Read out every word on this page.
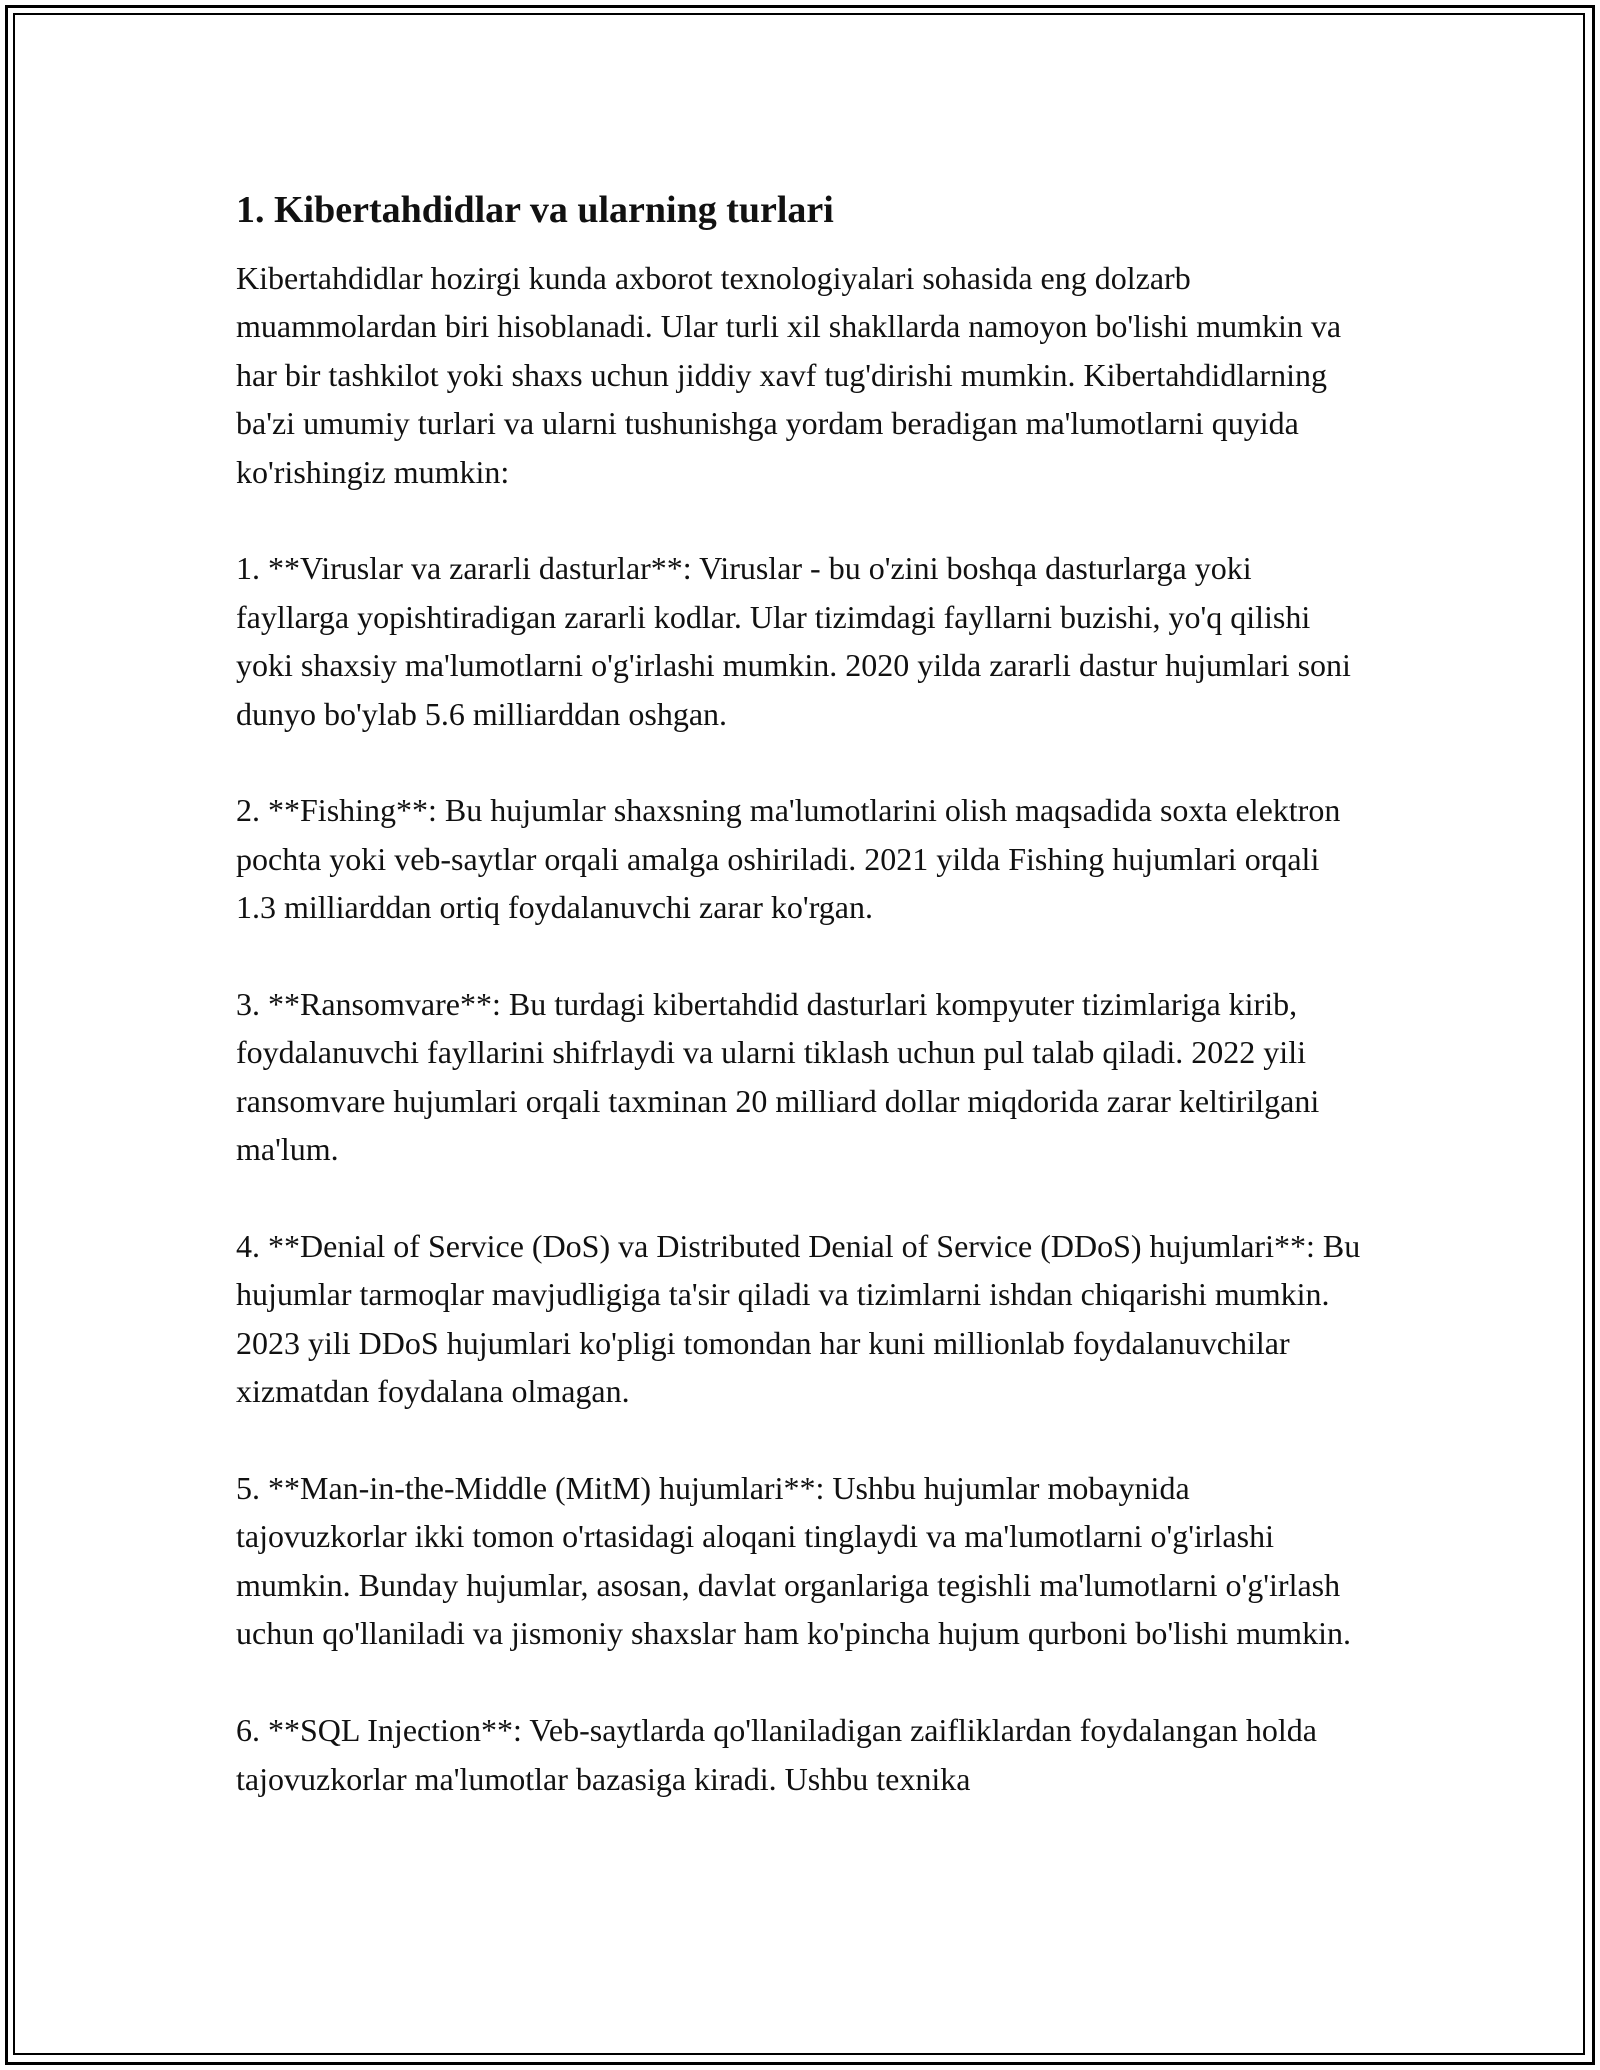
1. Kibertahdidlar va ularning turlari

Kibertahdidlar hozirgi kunda axborot texnologiyalari sohasida eng dolzarb muammolardan biri hisoblanadi. Ular turli xil shakllarda namoyon bo'lishi mumkin va har bir tashkilot yoki shaxs uchun jiddiy xavf tug'dirishi mumkin. Kibertahdidlarning ba'zi umumiy turlari va ularni tushunishga yordam beradigan ma'lumotlarni quyida ko'rishingiz mumkin:

1. **Viruslar va zararli dasturlar**: Viruslar - bu o'zini boshqa dasturlarga yoki fayllarga yopishtiradigan zararli kodlar. Ular tizimdagi fayllarni buzishi, yo'q qilishi yoki shaxsiy ma'lumotlarni o'g'irlashi mumkin. 2020 yilda zararli dastur hujumlari soni dunyo bo'ylab 5.6 milliarddan oshgan.

2. **Fishing**: Bu hujumlar shaxsning ma'lumotlarini olish maqsadida soxta elektron pochta yoki veb-saytlar orqali amalga oshiriladi. 2021 yilda Fishing hujumlari orqali 1.3 milliarddan ortiq foydalanuvchi zarar ko'rgan.

3. **Ransomvare**: Bu turdagi kibertahdid dasturlari kompyuter tizimlariga kirib, foydalanuvchi fayllarini shifrlaydi va ularni tiklash uchun pul talab qiladi. 2022 yili ransomvare hujumlari orqali taxminan 20 milliard dollar miqdorida zarar keltirilgani ma'lum.

4. **Denial of Service (DoS) va Distributed Denial of Service (DDoS) hujumlari**: Bu hujumlar tarmoqlar mavjudligiga ta'sir qiladi va tizimlarni ishdan chiqarishi mumkin. 2023 yili DDoS hujumlari ko'pligi tomondan har kuni millionlab foydalanuvchilar xizmatdan foydalana olmagan.

5. **Man-in-the-Middle (MitM) hujumlari**: Ushbu hujumlar mobaynida tajovuzkorlar ikki tomon o'rtasidagi aloqani tinglaydi va ma'lumotlarni o'g'irlashi mumkin. Bunday hujumlar, asosan, davlat organlariga tegishli ma'lumotlarni o'g'irlash uchun qo'llaniladi va jismoniy shaxslar ham ko'pincha hujum qurboni bo'lishi mumkin.

6. **SQL Injection**: Veb-saytlarda qo'llaniladigan zaifliklardan foydalangan holda tajovuzkorlar ma'lumotlar bazasiga kiradi. Ushbu texnika
